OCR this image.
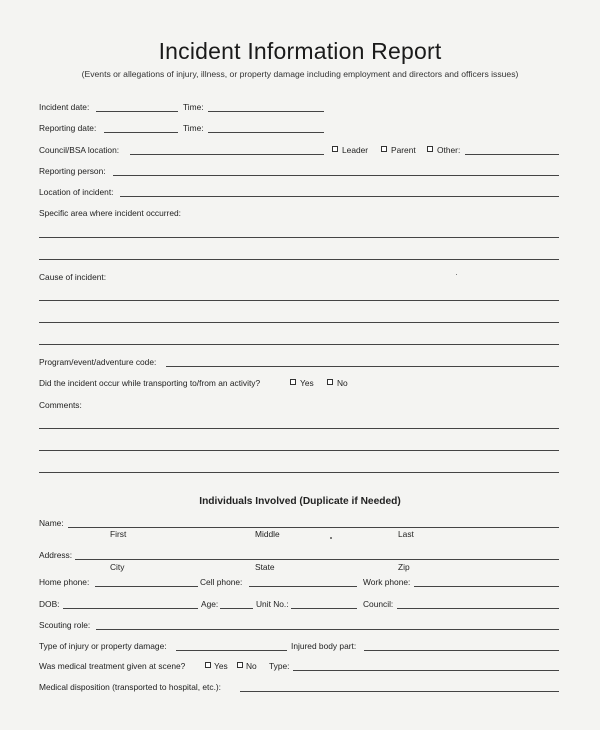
Incident Information Report
(Events or allegations of injury, illness, or property damage including employment and directors and officers issues)
Incident date:	Time:
Reporting date:	Time:
Council/BSA location:	Leader	Parent	Other:
Reporting person:
Location of incident:
Specific area where incident occurred:
Cause of incident:
Program/event/adventure code:
Did the incident occur while transporting to/from an activity?	Yes	No
Comments:
Individuals Involved (Duplicate if Needed)
Name:
First	Middle	Last
Address:
City	State	Zip
Home phone:	Cell phone:	Work phone:
DOB:	Age:	Unit No.:	Council:
Scouting role:
Type of injury or property damage:	Injured body part:
Was medical treatment given at scene?	Yes No Type:
Medical disposition (transported to hospital, etc.):
